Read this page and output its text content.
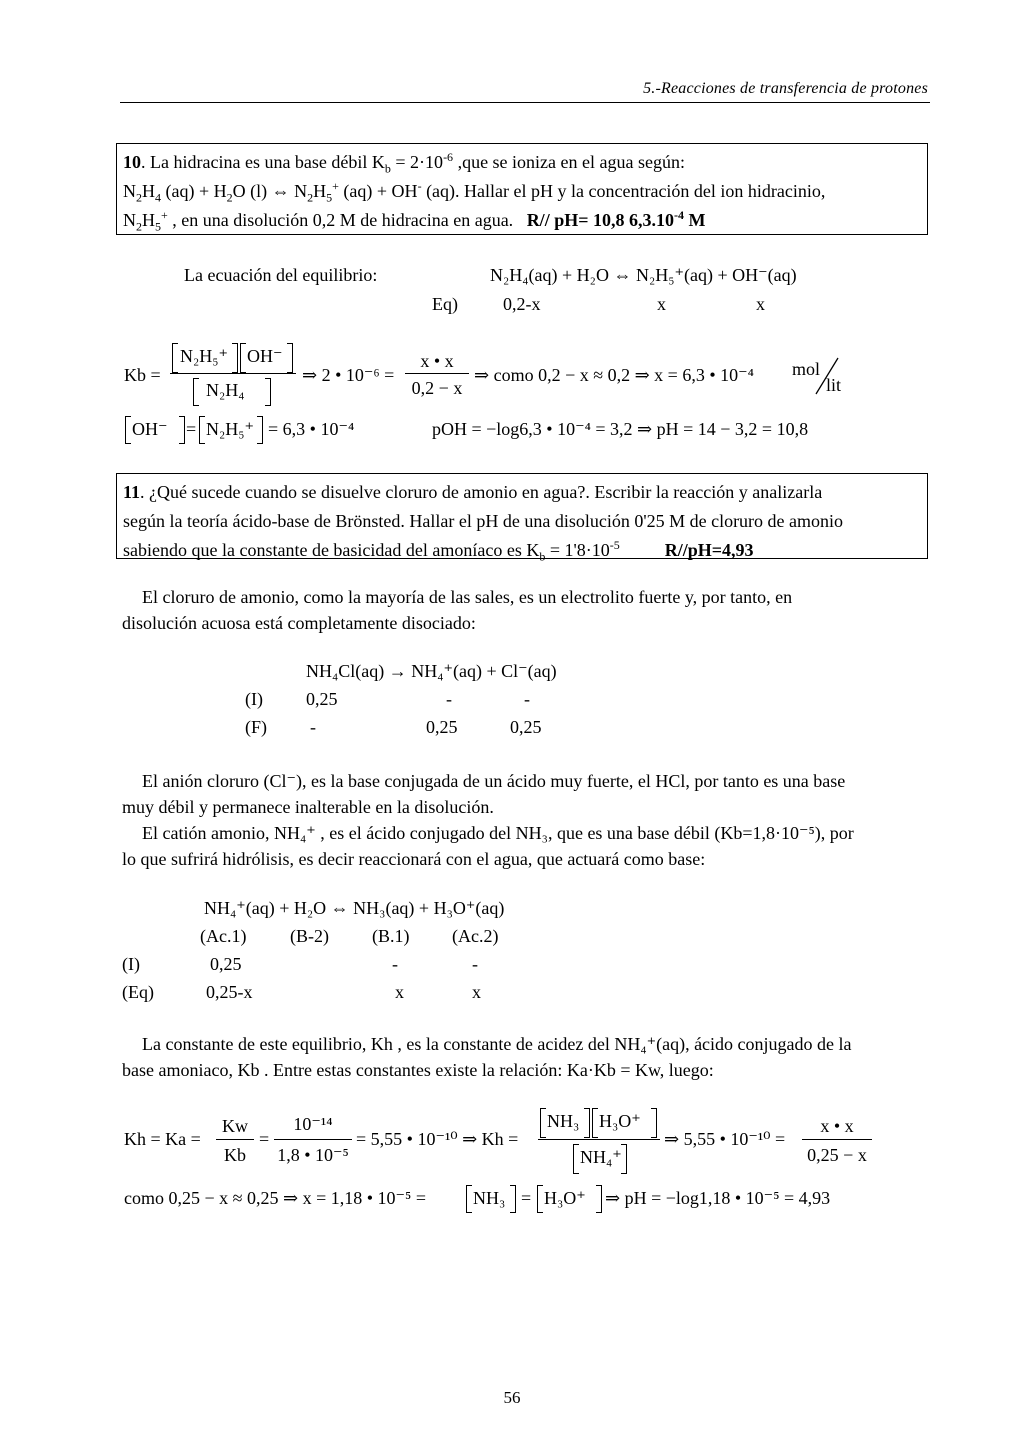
5.-Reacciones de transferencia de protones
10. La hidracina es una base débil $K_b = 2\cdot 10^{-6}$ ,que se ioniza en el agua según:
$N_2H_4$ $(aq) + H_2O$ (l) ⇔ $N_2H_5^+$ (aq) + OH- (aq). Hallar el pH y la concentración del ion hidracinio,
$N_2H_5^+$ , en una disolución 0,2 M de hidracina en agua. R// pH= 10,8 $6,3.10^{-4}$ M
La ecuación del equilibrio:	N₂H₄(aq) + H₂O ⇔ N₂H₅⁺(aq) + OH⁻(aq)
Eq)	0,2-x	x	x
Kb =
N₂H₅⁺ OH⁻
N₂H₄
⇒ 2 • 10⁻⁶ =
x • x
0,2 − x
⇒ como 0,2 − x ≈ 0,2 ⇒ x = 6,3 • 10⁻⁴ mol
lit
OH⁻ = N₂H₅⁺ = 6,3 • 10⁻⁴	pOH = −log6,3 • 10⁻⁴ = 3,2 ⇒ pH = 14 − 3,2 = 10,8
11. ¿Qué sucede cuando se disuelve cloruro de amonio en agua?. Escribir la reacción y analizarla
según la teoría ácido-base de Brönsted. Hallar el pH de una disolución 0'25 M de cloruro de amonio
sabiendo que la constante de basicidad del amoníaco es $K_b = 1'8\cdot 10^{-5}$	R//pH=4,93
El cloruro de amonio, como la mayoría de las sales, es un electrolito fuerte y, por tanto, en
disolución acuosa está completamente disociado:
NH₄Cl(aq) → NH₄⁺(aq) + Cl⁻(aq)
(I) 0,25	-	-
(F) -	0,25	0,25
El anión cloruro (Cl⁻), es la base conjugada de un ácido muy fuerte, el HCl, por tanto es una base
muy débil y permanece inalterable en la disolución.
El catión amonio, NH₄⁺ , es el ácido conjugado del NH₃, que es una base débil (Kb=1,8·10⁻⁵), por
lo que sufrirá hidrólisis, es decir reaccionará con el agua, que actuará como base:
NH₄⁺(aq) + H₂O ⇔ NH₃(aq) + H₃O⁺(aq)
(Ac.1) (B-2) (B.1) (Ac.2)
(I)	0,25	-	-
(Eq)	0,25-x	x	x
La constante de este equilibrio, Kh , es la constante de acidez del NH₄⁺(aq), ácido conjugado de la
base amoniaco, Kb . Entre estas constantes existe la relación: Ka·Kb = Kw, luego:
Kh = Ka =
Kw
Kb
=
10⁻¹⁴
1,8 • 10⁻⁵
= 5,55 • 10⁻¹⁰ ⇒ Kh =
NH₃ H₃O⁺
NH₄⁺
⇒ 5,55 • 10⁻¹⁰ =
x • x
0,25 − x
como 0,25 − x ≈ 0,25 ⇒ x = 1,18 • 10⁻⁵ =	NH₃ = H₃O⁺ ⇒ pH = −log1,18 • 10⁻⁵ = 4,93
56
